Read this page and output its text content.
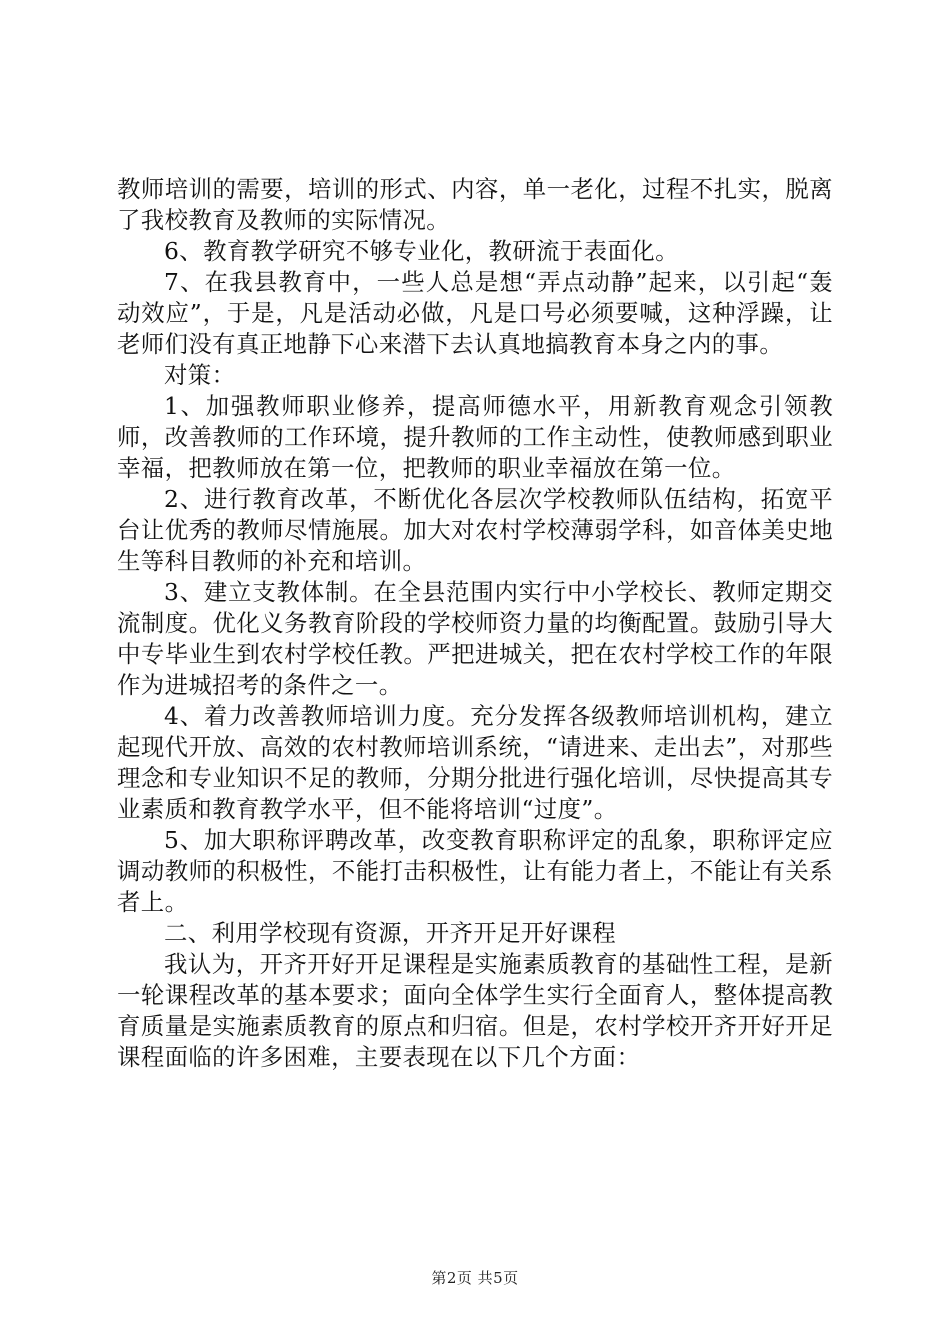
教师培训的需要，培训的形式、内容，单一老化，过程不扎实，脱离了我校教育及教师的实际情况。

6、教育教学研究不够专业化，教研流于表面化。

7、在我县教育中，一些人总是想“弄点动静”起来，以引起“轰动效应”，于是，凡是活动必做，凡是口号必须要喊，这种浮躁，让老师们没有真正地静下心来潜下去认真地搞教育本身之内的事。

对策：

1、加强教师职业修养，提高师德水平，用新教育观念引领教师，改善教师的工作环境，提升教师的工作主动性，使教师感到职业幸福，把教师放在第一位，把教师的职业幸福放在第一位。

2、进行教育改革，不断优化各层次学校教师队伍结构，拓宽平台让优秀的教师尽情施展。加大对农村学校薄弱学科，如音体美史地生等科目教师的补充和培训。

3、建立支教体制。在全县范围内实行中小学校长、教师定期交流制度。优化义务教育阶段的学校师资力量的均衡配置。鼓励引导大中专毕业生到农村学校任教。严把进城关，把在农村学校工作的年限作为进城招考的条件之一。

4、着力改善教师培训力度。充分发挥各级教师培训机构，建立起现代开放、高效的农村教师培训系统，“请进来、走出去”，对那些理念和专业知识不足的教师，分期分批进行强化培训，尽快提高其专业素质和教育教学水平，但不能将培训“过度”。

5、加大职称评聘改革，改变教育职称评定的乱象，职称评定应调动教师的积极性，不能打击积极性，让有能力者上，不能让有关系者上。

二、利用学校现有资源，开齐开足开好课程

我认为，开齐开好开足课程是实施素质教育的基础性工程，是新一轮课程改革的基本要求；面向全体学生实行全面育人，整体提高教育质量是实施素质教育的原点和归宿。但是，农村学校开齐开好开足课程面临的许多困难，主要表现在以下几个方面：

第2页 共5页
